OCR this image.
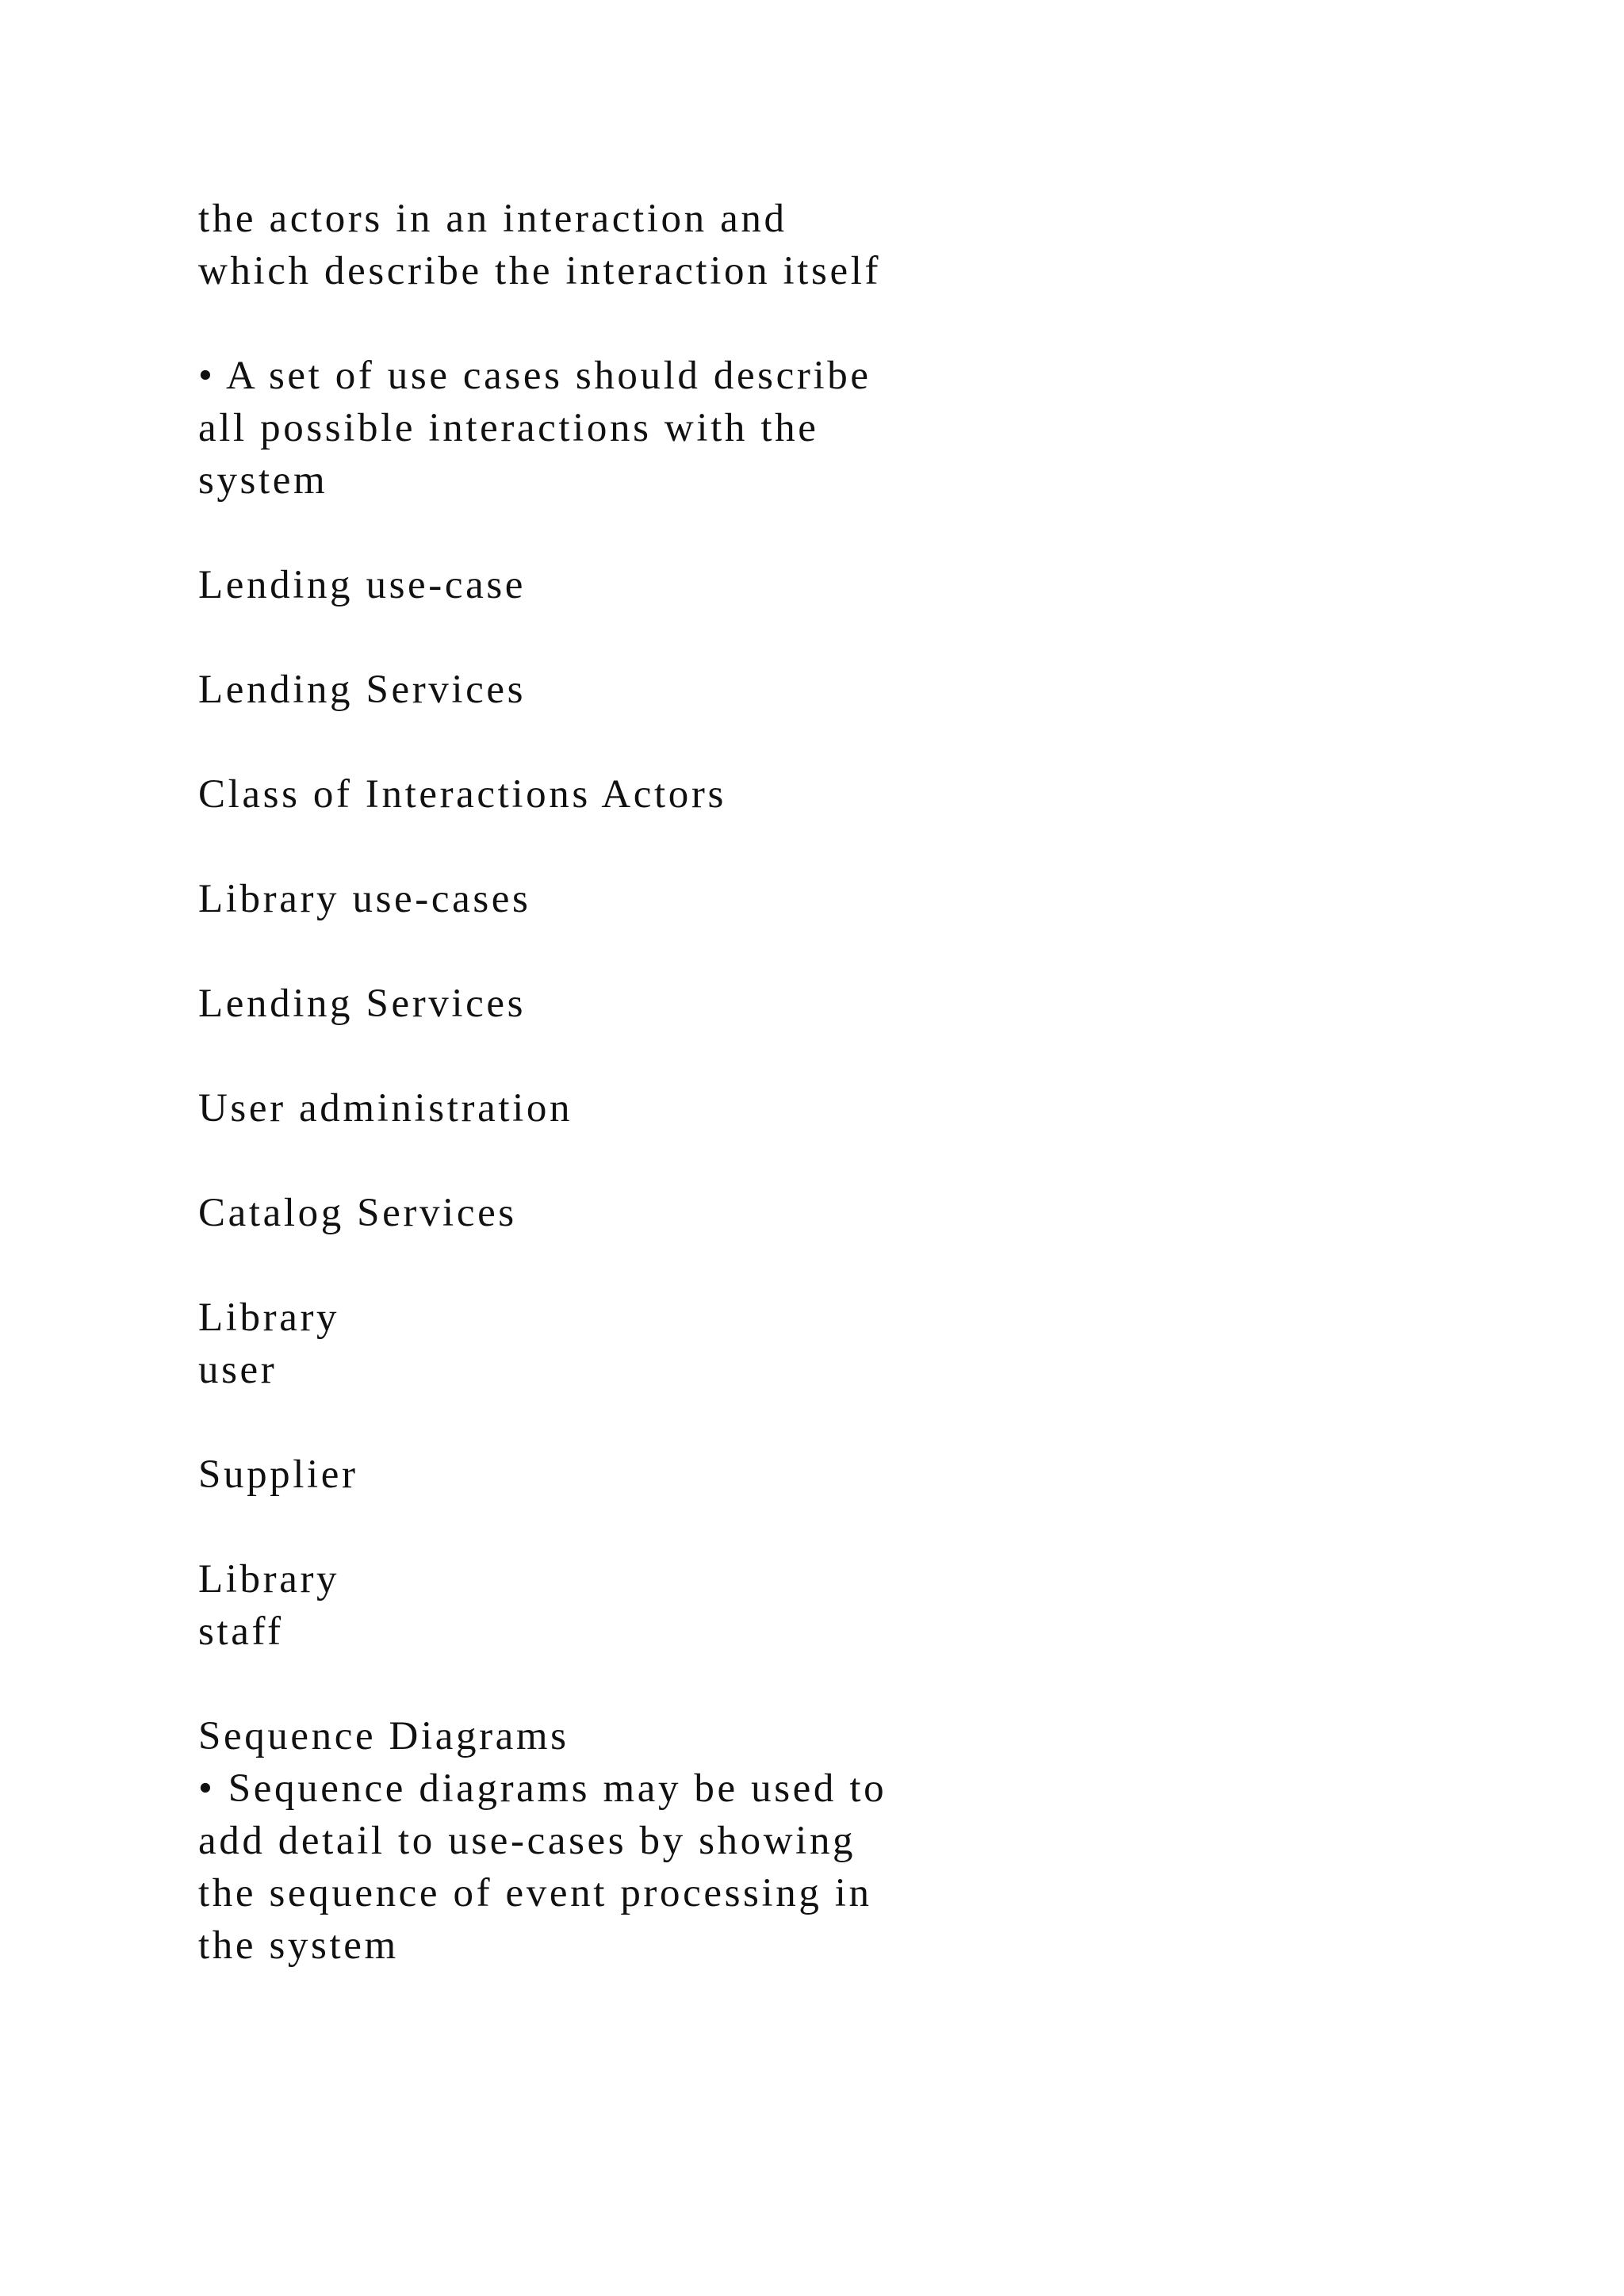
the actors in an interaction and
which describe the interaction itself
• A set of use cases should describe
all possible interactions with the
system
Lending use-case
Lending Services
Class of Interactions Actors
Library use-cases
Lending Services
User administration
Catalog Services
Library
user
Supplier
Library
staff
Sequence Diagrams
• Sequence diagrams may be used to
add detail to use-cases by showing
the sequence of event processing in
the system
